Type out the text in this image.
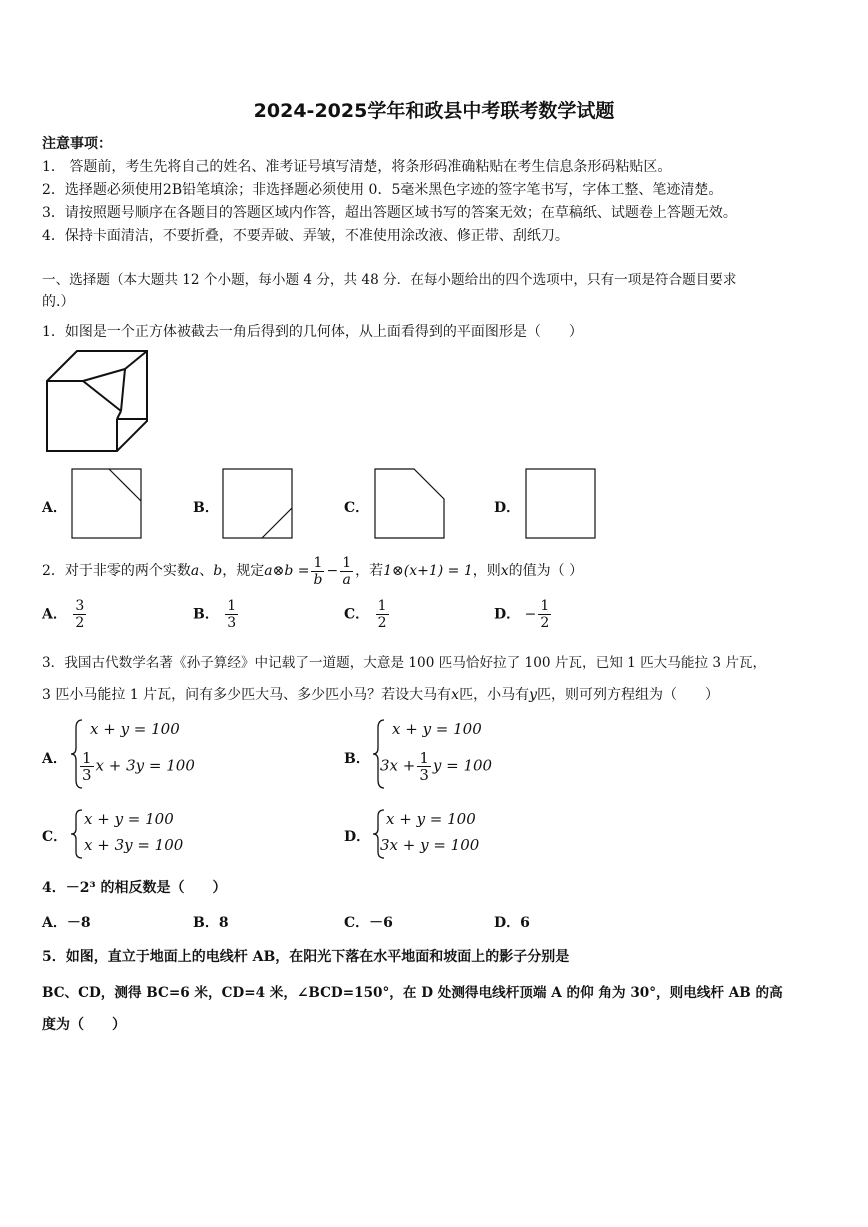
2024-2025学年和政县中考联考数学试题
注意事项：
1． 答题前，考生先将自己的姓名、准考证号填写清楚，将条形码准确粘贴在考生信息条形码粘贴区。
2．选择题必须使用2B铅笔填涂；非选择题必须使用 0．5毫米黑色字迹的签字笔书写，字体工整、笔迹清楚。
3．请按照题号顺序在各题目的答题区域内作答，超出答题区域书写的答案无效；在草稿纸、试题卷上答题无效。
4．保持卡面清洁，不要折叠，不要弄破、弄皱，不准使用涂改液、修正带、刮纸刀。
一、选择题（本大题共 12 个小题，每小题 4 分，共 48 分．在每小题给出的四个选项中，只有一项是符合题目要求
的.）
1．如图是一个正方体被截去一角后得到的几何体，从上面看得到的平面图形是（　　）
A．	B．	C．	D．
2．对于非零的两个实数a、b，规定a⊗b = $\frac{1}{b} - \frac{1}{a}$ ，若1⊗(x+1) = 1，则x的值为（ ）
A． $\frac{3}{2}$	B． $\frac{1}{3}$	C． $\frac{1}{2}$	D． − $\frac{1}{2}$
3．我国古代数学名著《孙子算经》中记载了一道题，大意是 100 匹马恰好拉了 100 片瓦，已知 1 匹大马能拉 3 片瓦，
3 匹小马能拉 1 片瓦，问有多少匹大马、多少匹小马？若设大马有x匹，小马有y匹，则可列方程组为（　　）
A．
x + y = 100
$\frac{1}{3}$ x + 3y = 100	B．
x + y = 100
$3x + \frac{1}{3}$ y = 100
C．
x + y = 100
x + 3y = 100	D．
x + y = 100
3x + y = 100
4．－2³ 的相反数是（　　）
A．－8	B．8	C．－6	D．6
5．如图，直立于地面上的电线杆 AB，在阳光下落在水平地面和坡面上的影子分别是
BC、CD，测得 BC=6 米，CD=4 米，∠BCD=150°，在 D 处测得电线杆顶端 A 的仰 角为 30°，则电线杆 AB 的高
度为（　　）
